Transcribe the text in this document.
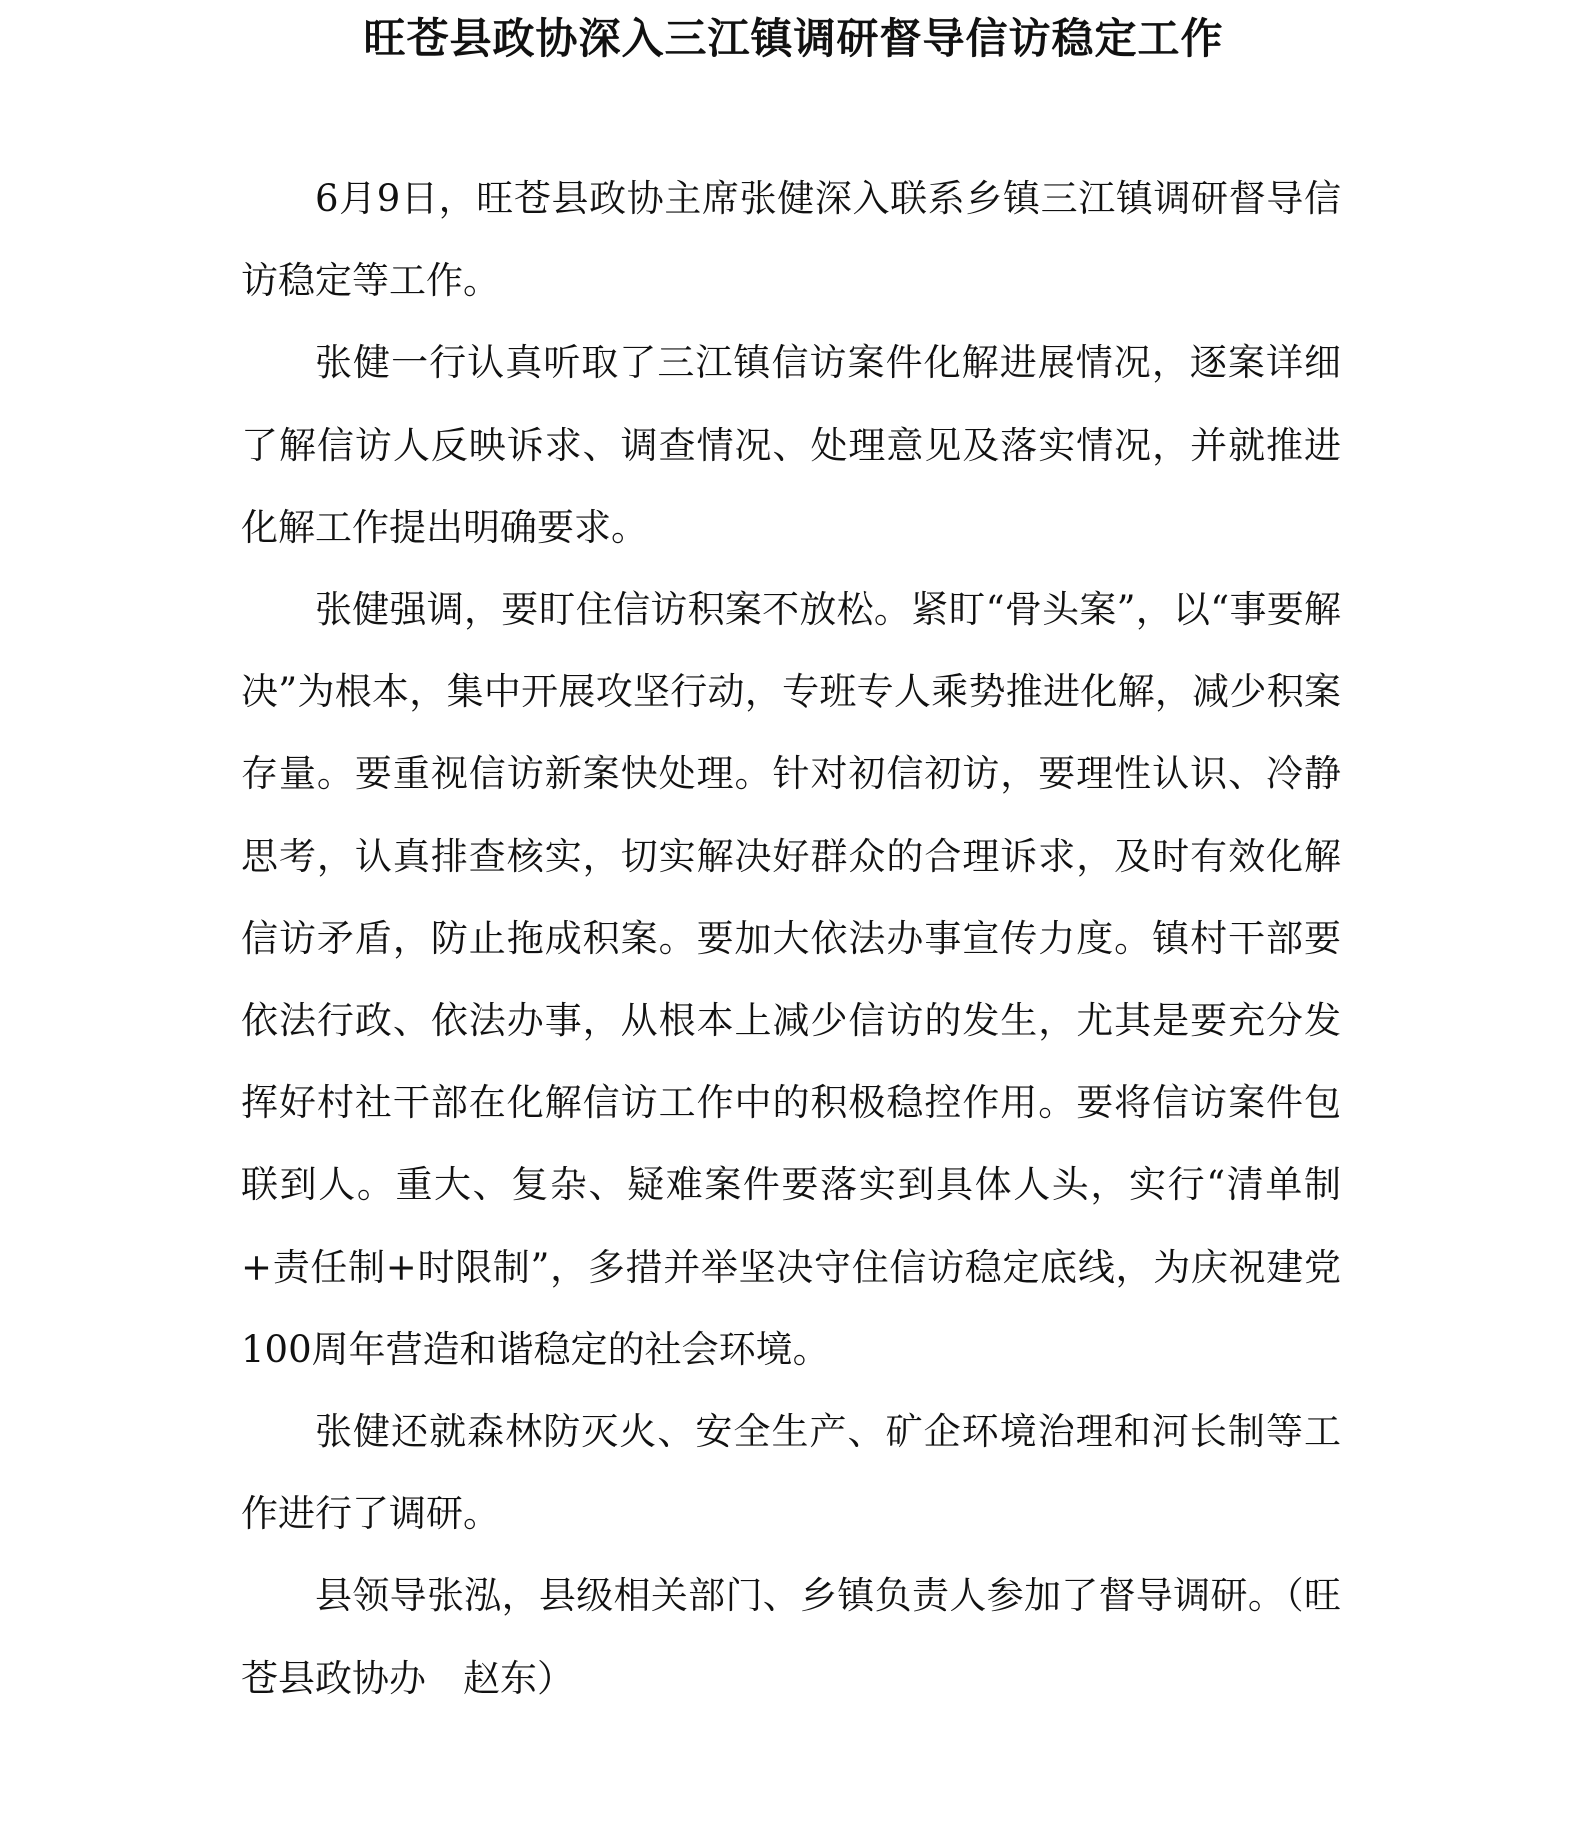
旺苍县政协深入三江镇调研督导信访稳定工作

6月9日，旺苍县政协主席张健深入联系乡镇三江镇调研督导信访稳定等工作。

张健一行认真听取了三江镇信访案件化解进展情况，逐案详细了解信访人反映诉求、调查情况、处理意见及落实情况，并就推进化解工作提出明确要求。

张健强调，要盯住信访积案不放松。紧盯“骨头案”，以“事要解决”为根本，集中开展攻坚行动，专班专人乘势推进化解，减少积案存量。要重视信访新案快处理。针对初信初访，要理性认识、冷静思考，认真排查核实，切实解决好群众的合理诉求，及时有效化解信访矛盾，防止拖成积案。要加大依法办事宣传力度。镇村干部要依法行政、依法办事，从根本上减少信访的发生，尤其是要充分发挥好村社干部在化解信访工作中的积极稳控作用。要将信访案件包联到人。重大、复杂、疑难案件要落实到具体人头，实行“清单制+责任制+时限制”，多措并举坚决守住信访稳定底线，为庆祝建党100周年营造和谐稳定的社会环境。

张健还就森林防灭火、安全生产、矿企环境治理和河长制等工作进行了调研。

县领导张泓，县级相关部门、乡镇负责人参加了督导调研。（旺苍县政协办　赵东）
